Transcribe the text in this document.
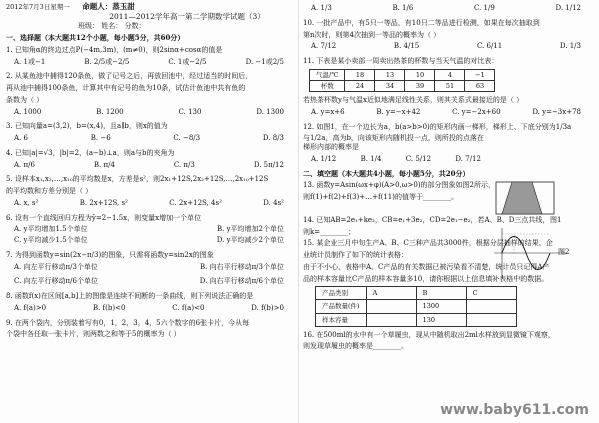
2012年7月3日星期一 命题人：蒸玉甜
2011—2012学年高一第二学期数学试题（3）
班级： 姓名： 分数：
一、选择题（本大题共12个小题，每小题5分，共60分）
1. 已知角α的终边过点P(−4m,3m)，(m≠0)，则2sinα+cosα的值是
A. 1或−1	B. 2/5或−2/5	C. 1或−2/5	D. −1或2/5
2. 从某鱼池中捕得120条鱼，做了记号之后，再放回池中，经过适当的时间后，
再从池中捕得100条鱼，计算其中有记号的鱼为10条，试估计鱼池中共有鱼的
条数为（ ）
A. 1000	B. 1200	C. 130	D. 1300
3. 已知向量a=(3,2)，b=(x,4)，且a∥b，则x的值为
A. 6	B. −6	C. −8/3	D. 8/3
4. 已知|a|=√3，|b|=2，(a−b)⊥a，则a与b的夹角为
A. π/6	B. π/4	C. π/3	D. 5π/12
5. 设样本x₁,x₂,…,x₁₀的平均数是x，方差是s²，则2x₁+12S,2x₂+12S,…,2x₁₀+12S
的平均数和方差分别是（ ）
A. x, s²	B. 2x+12S, s²	C. 2x+12S, 4s²	D. 4s²
6. 设有一个直线回归方程为ŷ=2−1.5x，则变量x增加一个单位
A. y平均增加1.5个单位	B. y平均增加2个单位
C. y平均减少1.5个单位	D. y平均减少2个单位
7. 为得到函数y=sin(2x−π/3)的图象，只需将函数y=sin2x的图象
A. 向左平行移动π/3个单位	B. 向右平行移动π/3个单位
C. 向左平行移动π/6个单位	D. 向右平行移动π/6个单位
8. 函数f(x)在区间[a,b]上的图像是连续不间断的一条曲线，则下列说法正确的是
A. f(a)>0	B. f(b)<0	C. f(a)<0	D. f(b)>0
9. 在两个袋内，分别装着写有0，1，2，3，4，5六个数字的6张卡片，今从每
个袋中各任取一张卡片，则两数之和等于5的概率为（ ）
A. 1/3	B. 1/6	C. 1/9	D. 1/12
10. 一批产品中，有5只一等品，有10只二等品进行检测，如果在每次抽取到
第n次时，则第4次抽到一等品的概率为（ ）
A. 7/12	B. 4/15	C. 6/11	D. 1/3
11. 下表是某小卖部一周卖出热茶的杯数与当天气温的对比表：
气温/℃	18	13	10	4	−1
杯数	24	34	39	51	63
若热茶杯数y与气温x近似地满足线性关系，则其关系式最接近的是（ ）
A. y=x+6	B. y=−x+42	C. y=−2x+60	D. y=−3x+78
12. 如图1，在一个边长为a，b(a>b>0)的矩形内画一梯形，梯形上、下底分别为1/3a
与1/2a，高为b，向该矩形内随机投一点，则所投的点落在梯形内部的概率是
A. 1/12	B. 1/4	C. 5/12	D. 7/12
二、填空题（本大题共4小题，每小题5分，共20分）
13. 函数y=Asin(ωx+φ)(A>0,ω>0)的部分图象如图2所示，
则f(1)+f(2)+f(3)+…+f(11)的值等于________。
14. 已知AB=2e₁+ke₂，CB=e₁+3e₂，CD=2e₁−e₂，若A、B、D三点共线，
则k=________；
15. 某企业三月中旬生产A、B、C三种产品共3000件，根据分层抽样的结果，企
业统计员制作了如下的统计表格：
由于不小心，表格中A、C产品的有关数据已被污染看不清楚，统计员只记得A产
品的样本容量比C产品的样本容量多10，请你根据以上信息填补表格中的数据。
产品类别	A	B	C
产品数量(件)		1300	
样本容量		130	
16. 在500ml的水中有一个草履虫，现从中随机取出2ml水样放到显微镜下观察，
则发现草履虫的概率是________。
图1
图2
www.baby611.com
